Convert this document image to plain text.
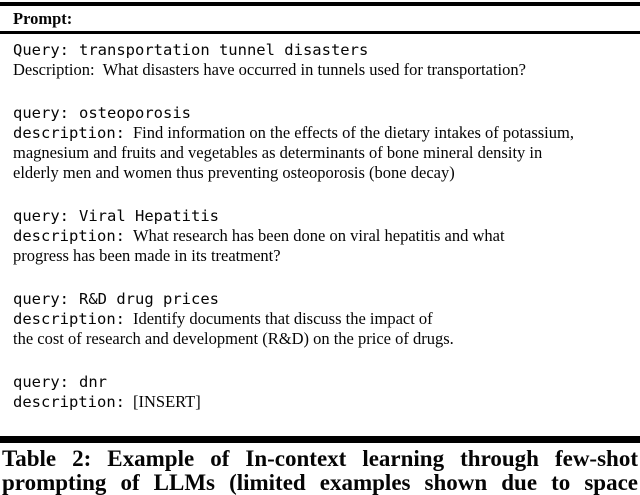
Prompt:
Query: transportation tunnel disasters
Description: What disasters have occurred in tunnels used for transportation?
query: osteoporosis
description: Find information on the effects of the dietary intakes of potassium,
magnesium and fruits and vegetables as determinants of bone mineral density in
elderly men and women thus preventing osteoporosis (bone decay)
query: Viral Hepatitis
description: What research has been done on viral hepatitis and what
progress has been made in its treatment?
query: R&D drug prices
description: Identify documents that discuss the impact of
the cost of research and development (R&D) on the price of drugs.
query: dnr
description: [INSERT]
Table 2: Example of In-context learning through few-shot
prompting of LLMs (limited examples shown due to space
